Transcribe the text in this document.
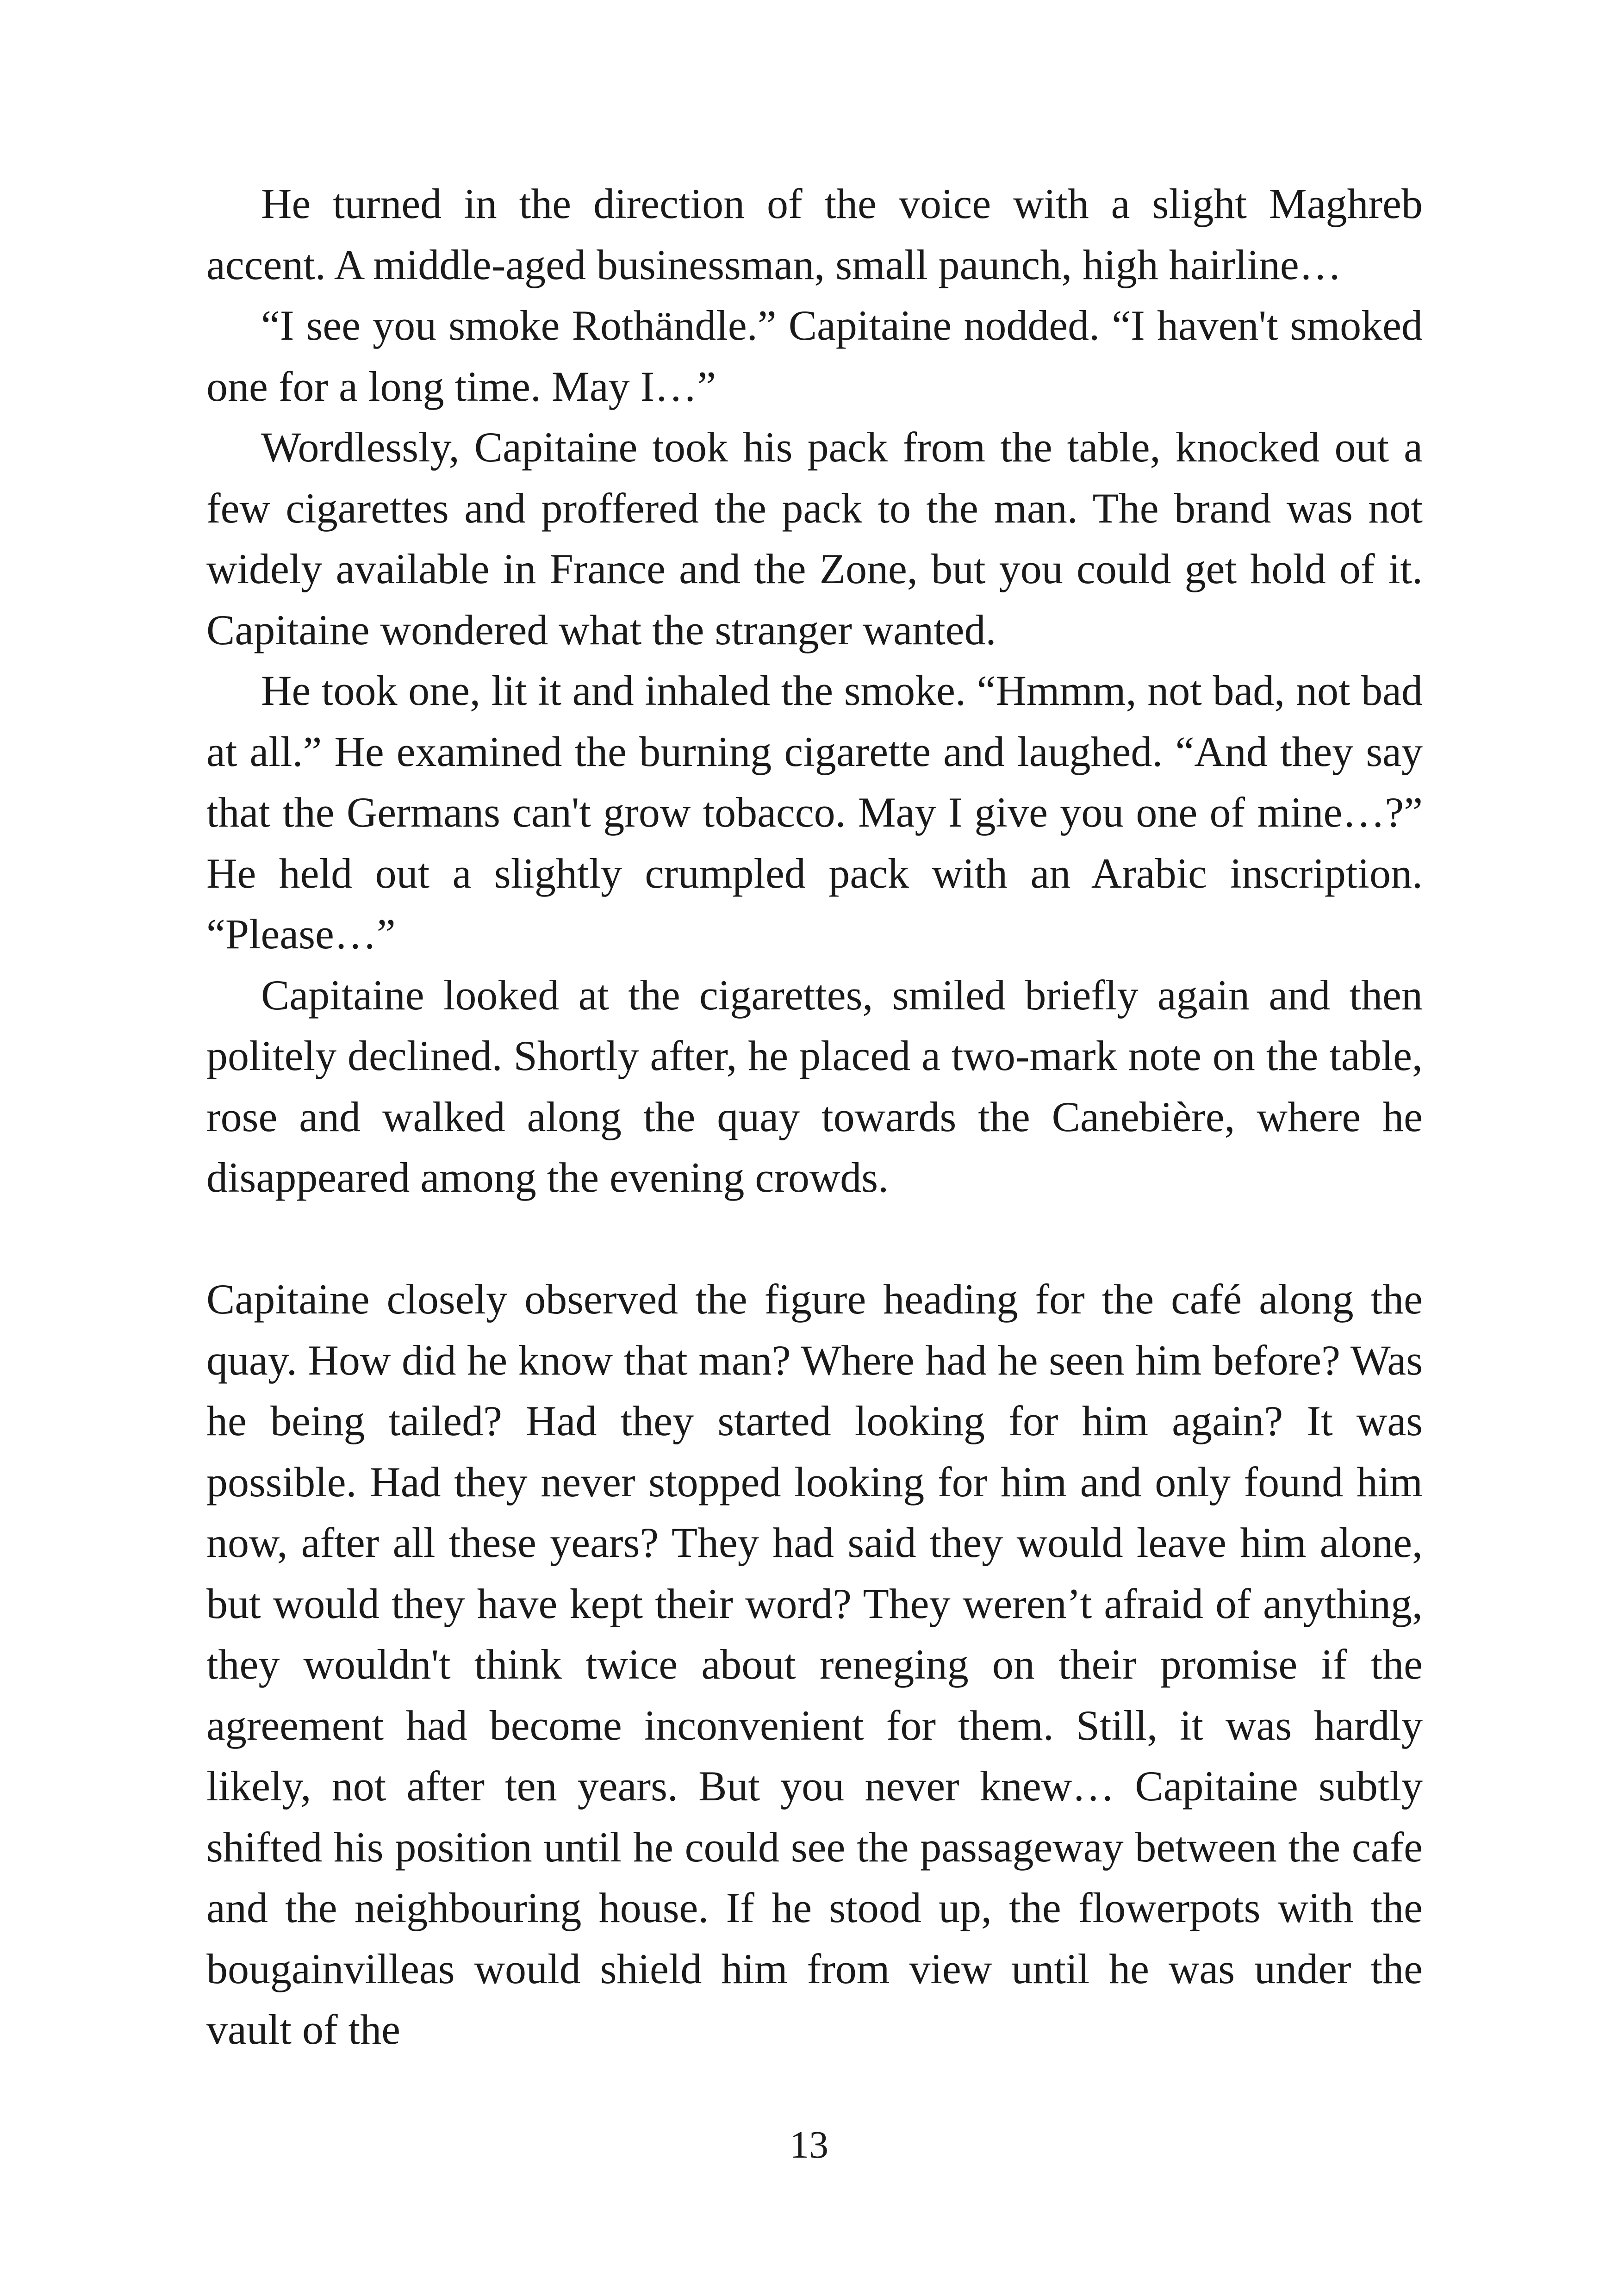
He turned in the direction of the voice with a slight Maghreb accent. A middle-aged businessman, small paunch, high hairline…

“I see you smoke Rothändle.” Capitaine nodded. “I haven't smoked one for a long time. May I…”

Wordlessly, Capitaine took his pack from the table, knocked out a few cigarettes and proffered the pack to the man. The brand was not widely available in France and the Zone, but you could get hold of it. Capitaine wondered what the stranger wanted.

He took one, lit it and inhaled the smoke. “Hmmm, not bad, not bad at all.” He examined the burning cigarette and laughed. “And they say that the Germans can't grow tobacco. May I give you one of mine…?” He held out a slightly crumpled pack with an Arabic inscription. “Please…”

Capitaine looked at the cigarettes, smiled briefly again and then politely declined. Shortly after, he placed a two-mark note on the table, rose and walked along the quay towards the Canebière, where he disappeared among the evening crowds.

Capitaine closely observed the figure heading for the café along the quay. How did he know that man? Where had he seen him before? Was he being tailed? Had they started looking for him again? It was possible. Had they never stopped looking for him and only found him now, after all these years? They had said they would leave him alone, but would they have kept their word? They weren’t afraid of anything, they wouldn't think twice about reneging on their promise if the agreement had become inconvenient for them. Still, it was hardly likely, not after ten years. But you never knew… Capitaine subtly shifted his position until he could see the passageway between the cafe and the neighbouring house. If he stood up, the flowerpots with the bougainvilleas would shield him from view until he was under the vault of the

13
